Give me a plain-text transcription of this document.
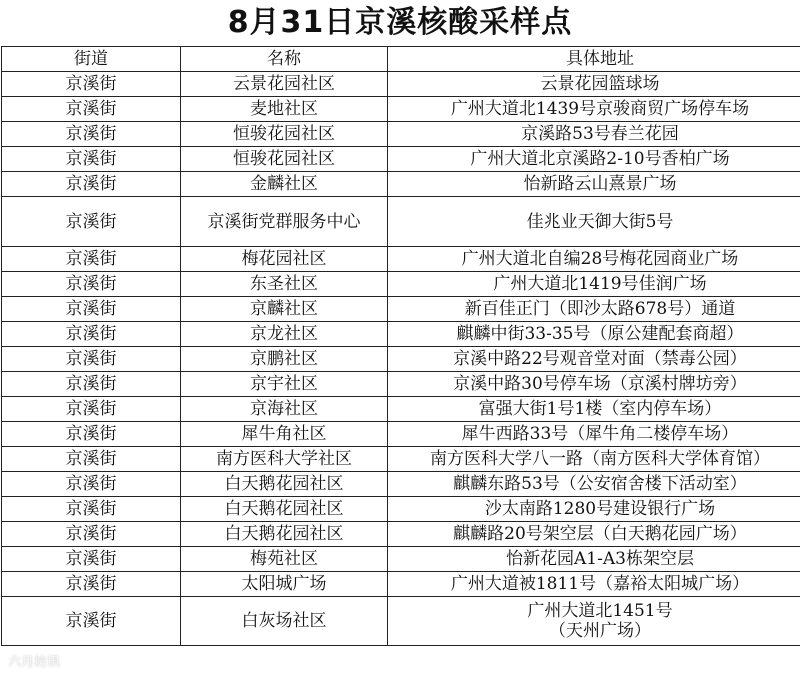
8月31日京溪核酸采样点
街道	名称	具体地址
京溪街	云景花园社区	云景花园篮球场
京溪街	麦地社区	广州大道北1439号京骏商贸广场停车场
京溪街	恒骏花园社区	京溪路53号春兰花园
京溪街	恒骏花园社区	广州大道北京溪路2-10号香柏广场
京溪街	金麟社区	怡新路云山熹景广场
京溪街	京溪街党群服务中心	佳兆业天御大街5号
京溪街	梅花园社区	广州大道北自编28号梅花园商业广场
京溪街	东圣社区	广州大道北1419号佳润广场
京溪街	京麟社区	新百佳正门（即沙太路678号）通道
京溪街	京龙社区	麒麟中街33-35号（原公建配套商超）
京溪街	京鹏社区	京溪中路22号观音堂对面（禁毒公园）
京溪街	京宇社区	京溪中路30号停车场（京溪村牌坊旁）
京溪街	京海社区	富强大街1号1楼（室内停车场）
京溪街	犀牛角社区	犀牛西路33号（犀牛角二楼停车场）
京溪街	南方医科大学社区	南方医科大学八一路（南方医科大学体育馆）
京溪街	白天鹅花园社区	麒麟东路53号（公安宿舍楼下活动室）
京溪街	白天鹅花园社区	沙太南路1280号建设银行广场
京溪街	白天鹅花园社区	麒麟路20号架空层（白天鹅花园广场）
京溪街	梅苑社区	怡新花园A1-A3栋架空层
京溪街	太阳城广场	广州大道被1811号（嘉裕太阳城广场）
京溪街	白灰场社区	广州大道北1451号
（天州广场）
六月坊讯
